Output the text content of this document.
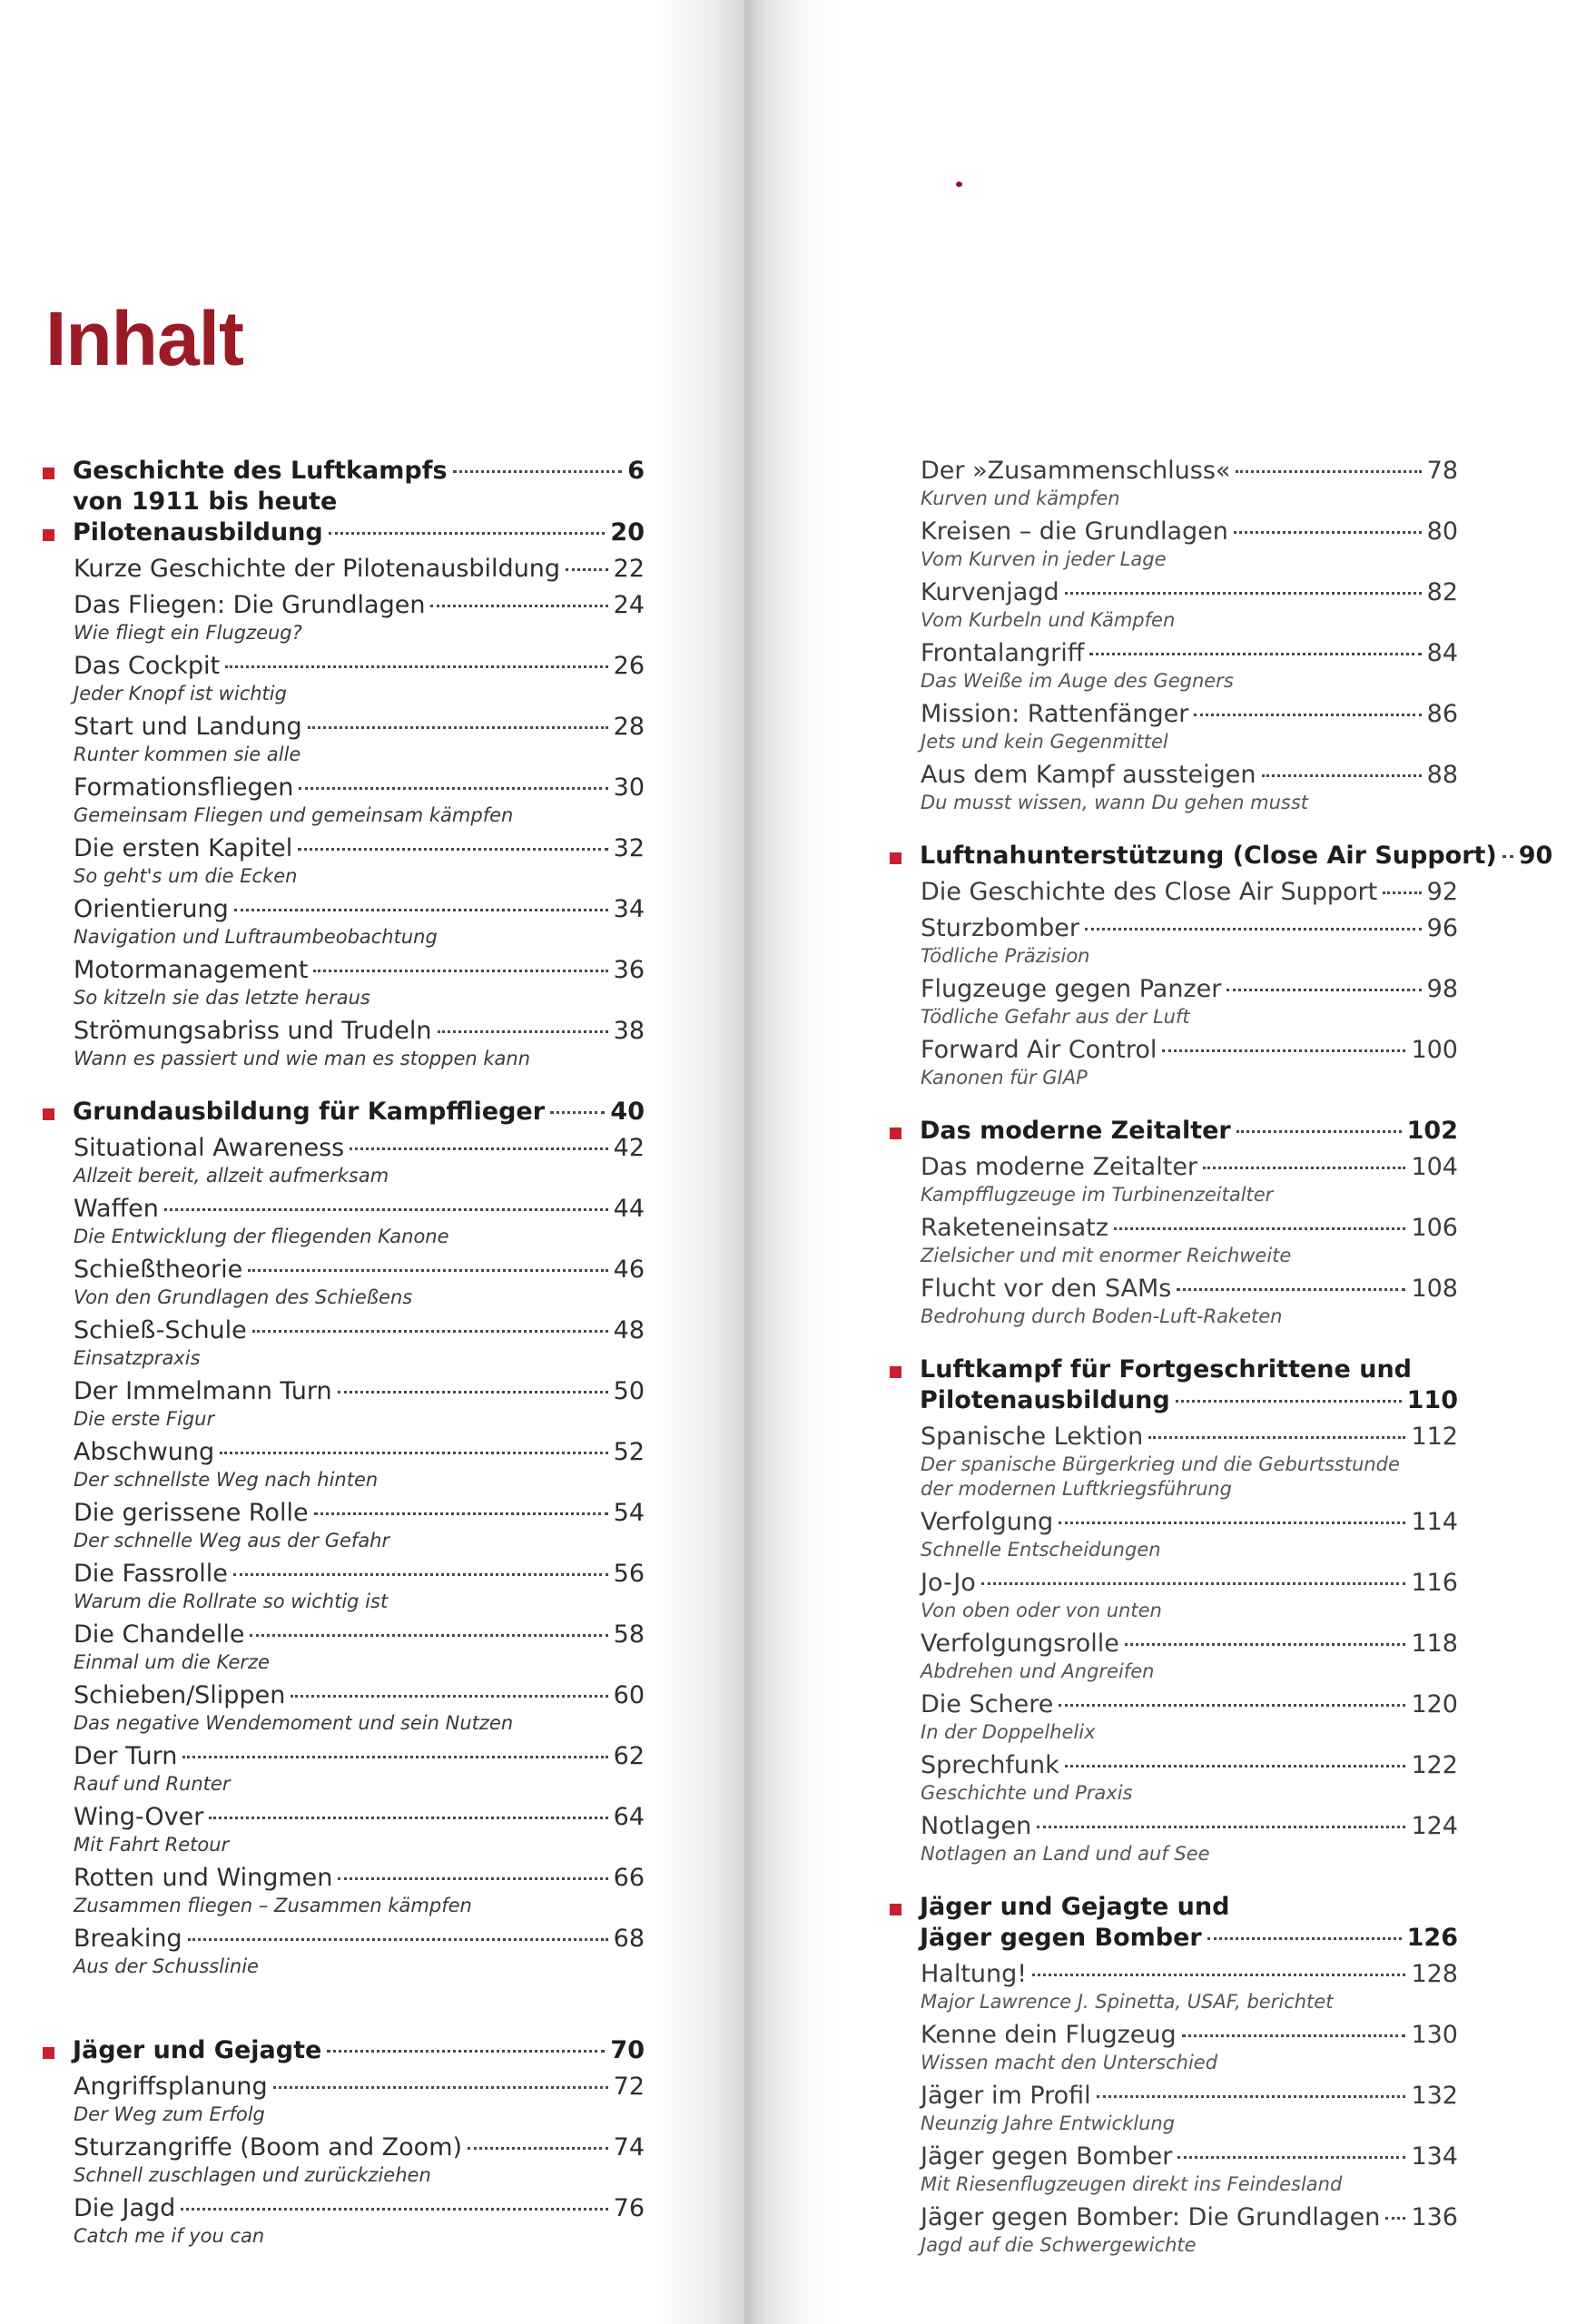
Inhalt
Geschichte des Luftkampfs	6
von 1911 bis heute
Pilotenausbildung	20
Kurze Geschichte der Pilotenausbildung 22
Das Fliegen: Die Grundlagen	24
Wie fliegt ein Flugzeug?
Das Cockpit	26
Jeder Knopf ist wichtig
Start und Landung	28
Runter kommen sie alle
Formationsfliegen	30
Gemeinsam Fliegen und gemeinsam kämpfen
Die ersten Kapitel	32
So geht's um die Ecken
Orientierung	34
Navigation und Luftraumbeobachtung
Motormanagement	36
So kitzeln sie das letzte heraus
Strömungsabriss und Trudeln	38
Wann es passiert und wie man es stoppen kann
Grundausbildung für Kampfflieger	40
Situational Awareness	42
Allzeit bereit, allzeit aufmerksam
Waffen	44
Die Entwicklung der fliegenden Kanone
Schießtheorie	46
Von den Grundlagen des Schießens
Schieß-Schule	48
Einsatzpraxis
Der Immelmann Turn	50
Die erste Figur
Abschwung	52
Der schnellste Weg nach hinten
Die gerissene Rolle	54
Der schnelle Weg aus der Gefahr
Die Fassrolle	56
Warum die Rollrate so wichtig ist
Die Chandelle	58
Einmal um die Kerze
Schieben/Slippen	60
Das negative Wendemoment und sein Nutzen
Der Turn	62
Rauf und Runter
Wing-Over	64
Mit Fahrt Retour
Rotten und Wingmen	66
Zusammen fliegen – Zusammen kämpfen
Breaking	68
Aus der Schusslinie
Jäger und Gejagte	70
Angriffsplanung	72
Der Weg zum Erfolg
Sturzangriffe (Boom and Zoom)	74
Schnell zuschlagen und zurückziehen
Die Jagd	76
Catch me if you can
Der »Zusammenschluss«	78
Kurven und kämpfen
Kreisen – die Grundlagen	80
Vom Kurven in jeder Lage
Kurvenjagd	82
Vom Kurbeln und Kämpfen
Frontalangriff	84
Das Weiße im Auge des Gegners
Mission: Rattenfänger	86
Jets und kein Gegenmittel
Aus dem Kampf aussteigen	88
Du musst wissen, wann Du gehen musst
Luftnahunterstützung (Close Air Support) 90
Die Geschichte des Close Air Support 92
Sturzbomber	96
Tödliche Präzision
Flugzeuge gegen Panzer	98
Tödliche Gefahr aus der Luft
Forward Air Control	100
Kanonen für GIAP
Das moderne Zeitalter	102
Das moderne Zeitalter	104
Kampfflugzeuge im Turbinenzeitalter
Raketeneinsatz	106
Zielsicher und mit enormer Reichweite
Flucht vor den SAMs	108
Bedrohung durch Boden-Luft-Raketen
Luftkampf für Fortgeschrittene und
Pilotenausbildung	110
Spanische Lektion	112
Der spanische Bürgerkrieg und die Geburtsstunde
der modernen Luftkriegsführung
Verfolgung	114
Schnelle Entscheidungen
Jo-Jo	116
Von oben oder von unten
Verfolgungsrolle	118
Abdrehen und Angreifen
Die Schere	120
In der Doppelhelix
Sprechfunk	122
Geschichte und Praxis
Notlagen	124
Notlagen an Land und auf See
Jäger und Gejagte und
Jäger gegen Bomber	126
Haltung!	128
Major Lawrence J. Spinetta, USAF, berichtet
Kenne dein Flugzeug	130
Wissen macht den Unterschied
Jäger im Profil	132
Neunzig Jahre Entwicklung
Jäger gegen Bomber	134
Mit Riesenflugzeugen direkt ins Feindesland
Jäger gegen Bomber: Die Grundlagen 136
Jagd auf die Schwergewichte
